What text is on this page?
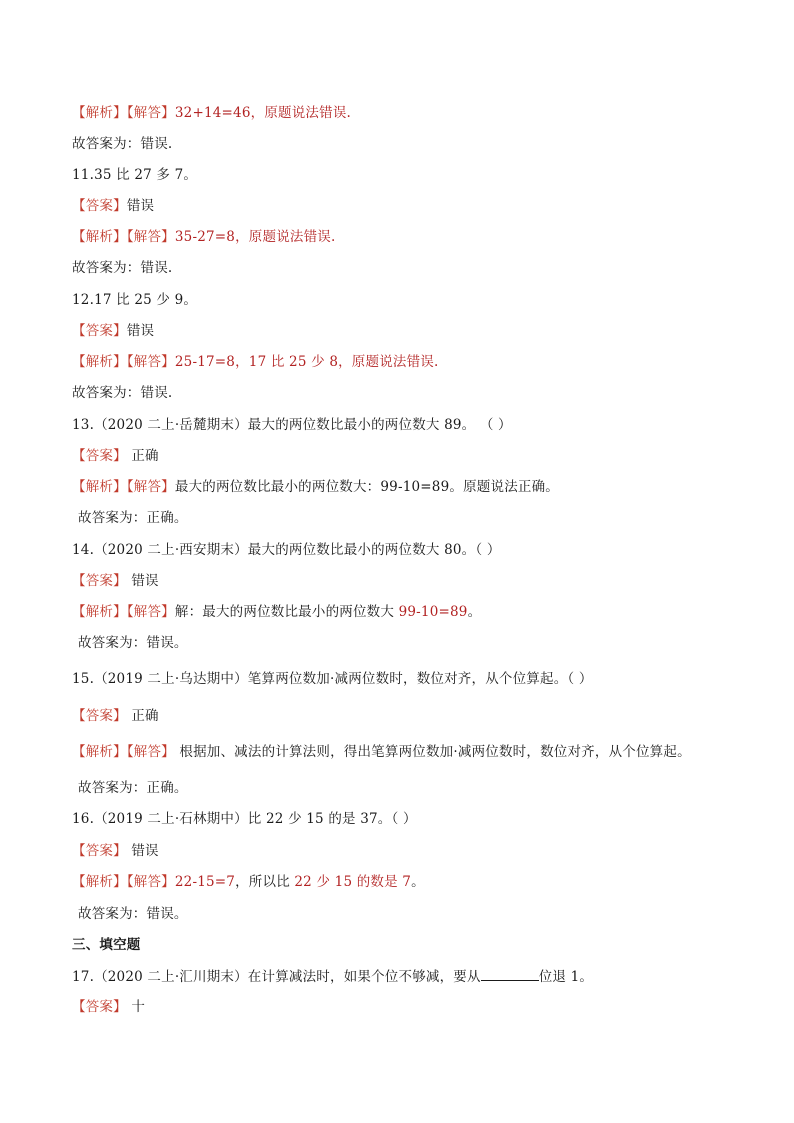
【解析】【解答】32+14=46，原题说法错误.
故答案为：错误.
11.35 比 27 多 7。
【答案】错误
【解析】【解答】35-27=8，原题说法错误.
故答案为：错误.
12.17 比 25 少 9。
【答案】错误
【解析】【解答】25-17=8，17 比 25 少 8，原题说法错误.
故答案为：错误.
13.（2020 二上·岳麓期末）最大的两位数比最小的两位数大 89。 （ ）
【答案】 正确
【解析】【解答】最大的两位数比最小的两位数大：99-10=89。原题说法正确。
故答案为：正确。
14.（2020 二上·西安期末）最大的两位数比最小的两位数大 80。（ ）
【答案】 错误
【解析】【解答】解：最大的两位数比最小的两位数大 99-10=89。
故答案为：错误。
15.（2019 二上·乌达期中）笔算两位数加·减两位数时，数位对齐，从个位算起。（ ）
【答案】 正确
【解析】【解答】 根据加、减法的计算法则，得出笔算两位数加·减两位数时，数位对齐，从个位算起。
故答案为：正确。
16.（2019 二上·石林期中）比 22 少 15 的是 37。（ ）
【答案】 错误
【解析】【解答】22-15=7，所以比 22 少 15 的数是 7。
故答案为：错误。
三、填空题
17.（2020 二上·汇川期末）在计算减法时，如果个位不够减，要从	位退 1。
【答案】 十
